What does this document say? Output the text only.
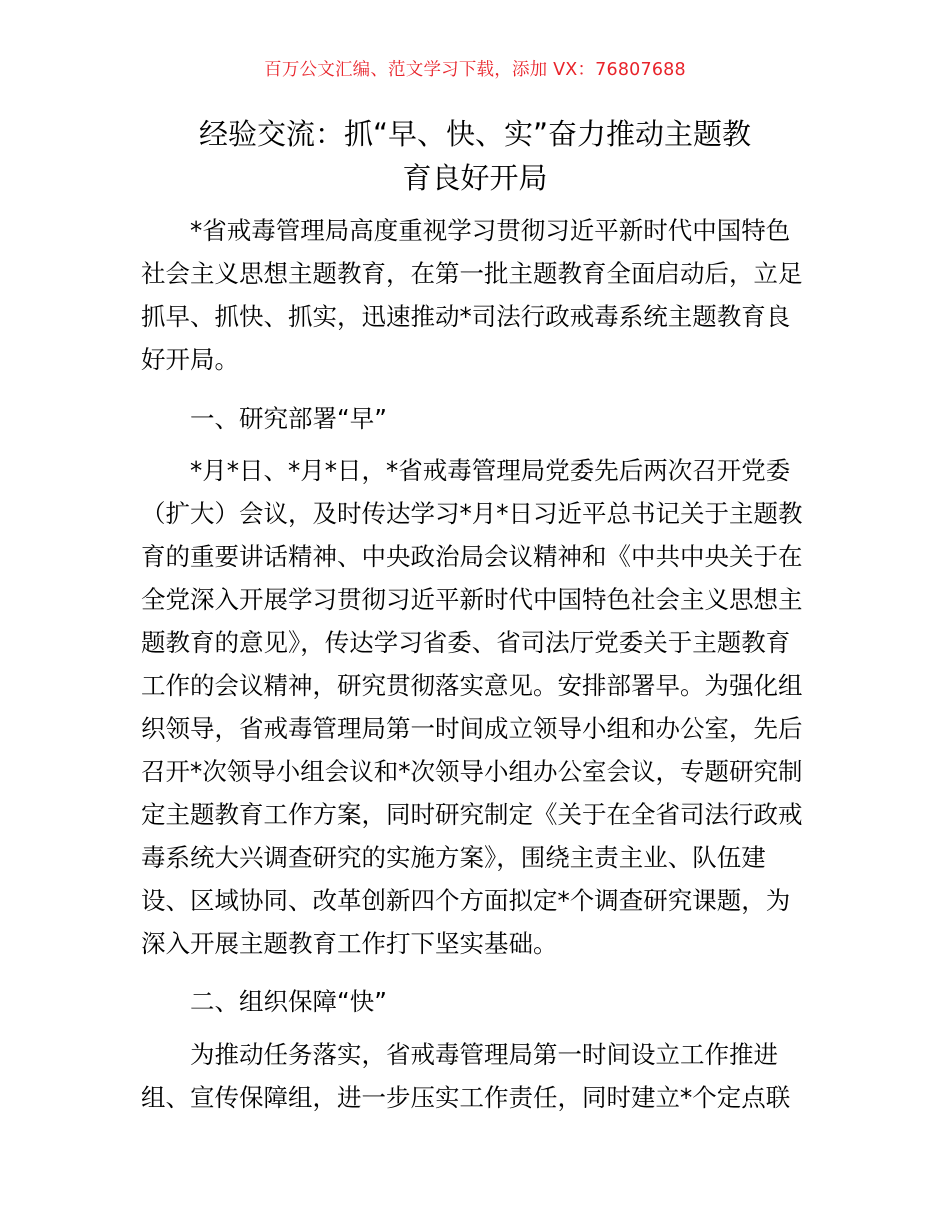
百万公文汇编、范文学习下载，添加 VX：76807688
经验交流：抓“早、快、实”奋力推动主题教
育良好开局
*省戒毒管理局高度重视学习贯彻习近平新时代中国特色
社会主义思想主题教育，在第一批主题教育全面启动后，立足
抓早、抓快、抓实，迅速推动*司法行政戒毒系统主题教育良
好开局。
一、研究部署“早”
*月*日、*月*日，*省戒毒管理局党委先后两次召开党委
（扩大）会议，及时传达学习*月*日习近平总书记关于主题教
育的重要讲话精神、中央政治局会议精神和《中共中央关于在
全党深入开展学习贯彻习近平新时代中国特色社会主义思想主
题教育的意见》，传达学习省委、省司法厅党委关于主题教育
工作的会议精神，研究贯彻落实意见。安排部署早。为强化组
织领导，省戒毒管理局第一时间成立领导小组和办公室，先后
召开*次领导小组会议和*次领导小组办公室会议，专题研究制
定主题教育工作方案，同时研究制定《关于在全省司法行政戒
毒系统大兴调查研究的实施方案》，围绕主责主业、队伍建
设、区域协同、改革创新四个方面拟定*个调查研究课题，为
深入开展主题教育工作打下坚实基础。
二、组织保障“快”
为推动任务落实，省戒毒管理局第一时间设立工作推进
组、宣传保障组，进一步压实工作责任，同时建立*个定点联
